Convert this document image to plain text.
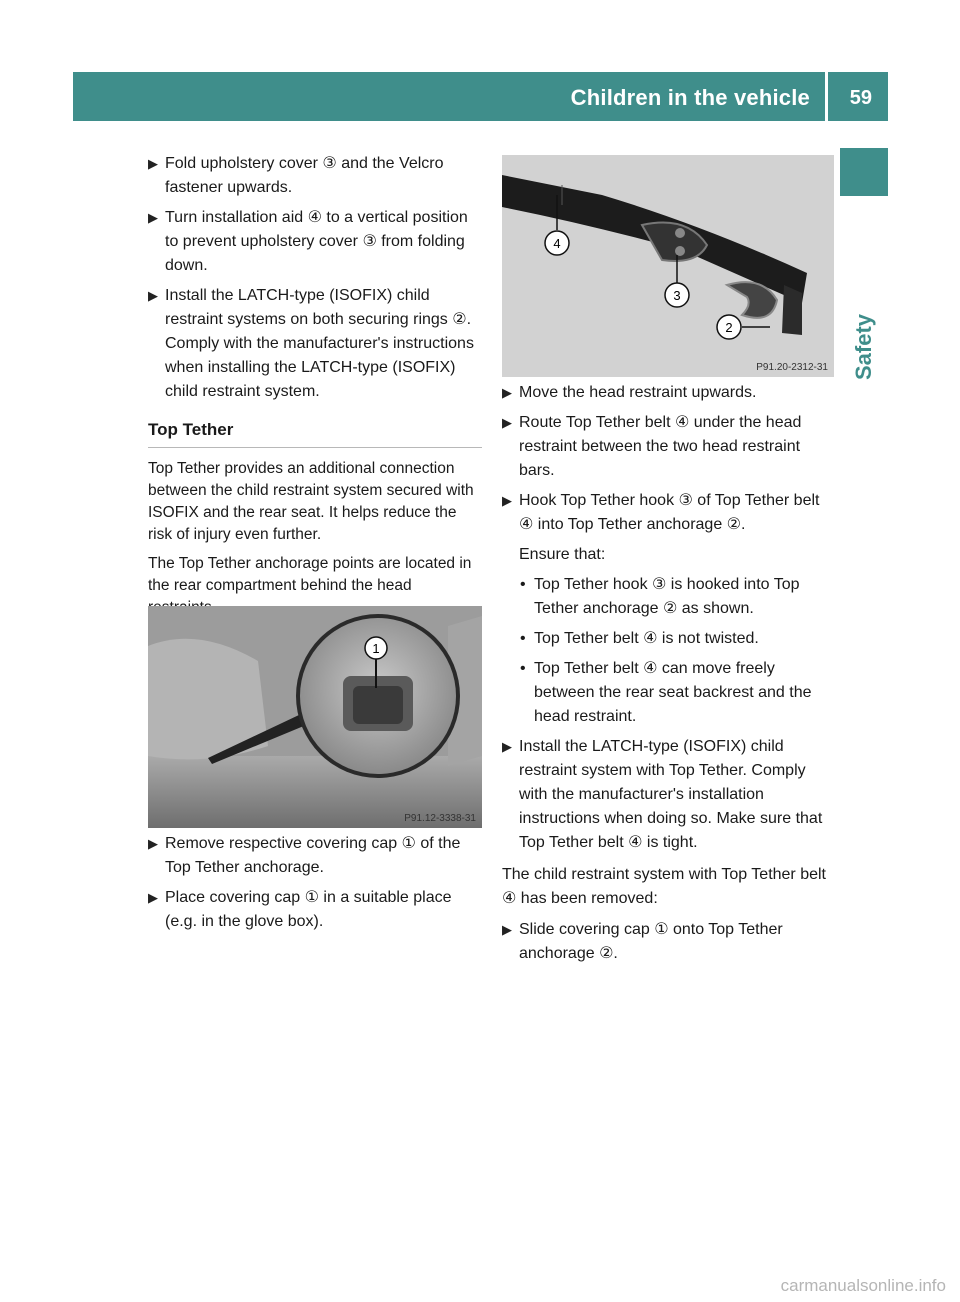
Children in the vehicle 59
Safety
▶ Fold upholstery cover ③ and the Velcro fastener upwards.
▶ Turn installation aid ④ to a vertical position to prevent upholstery cover ③ from folding down.
▶ Install the LATCH-type (ISOFIX) child restraint systems on both securing rings ②. Comply with the manufacturer's instructions when installing the LATCH-type (ISOFIX) child restraint system.
Top Tether
Top Tether provides an additional connection between the child restraint system secured with ISOFIX and the rear seat. It helps reduce the risk of injury even further.
The Top Tether anchorage points are located in the rear compartment behind the head
1
P91.12-3338-31
▶ Remove respective covering cap ① of the Top Tether anchorage.
▶ Place covering cap ① in a suitable place (e.g. in the glove box).
4
3
2
P91.20-2312-31
▶ Move the head restraint upwards.
▶ Route Top Tether belt ④ under the head restraint between the two head restraint bars.
▶ Hook Top Tether hook ③ of Top Tether belt ④ into Top Tether anchorage ②.
Ensure that:
• Top Tether hook ③ is hooked into Top Tether anchorage ② as shown.
• Top Tether belt ④ is not twisted.
• Top Tether belt ④ can move freely between the rear seat backrest and the head restraint.
▶ Install the LATCH-type (ISOFIX) child restraint system with Top Tether. Comply with the manufacturer's installation instructions when doing so. Make sure that Top Tether belt ④ is tight.
The child restraint system with Top Tether belt ④ has been removed:
▶ Slide covering cap ① onto Top Tether anchorage ②.
carmanualsonline.info
